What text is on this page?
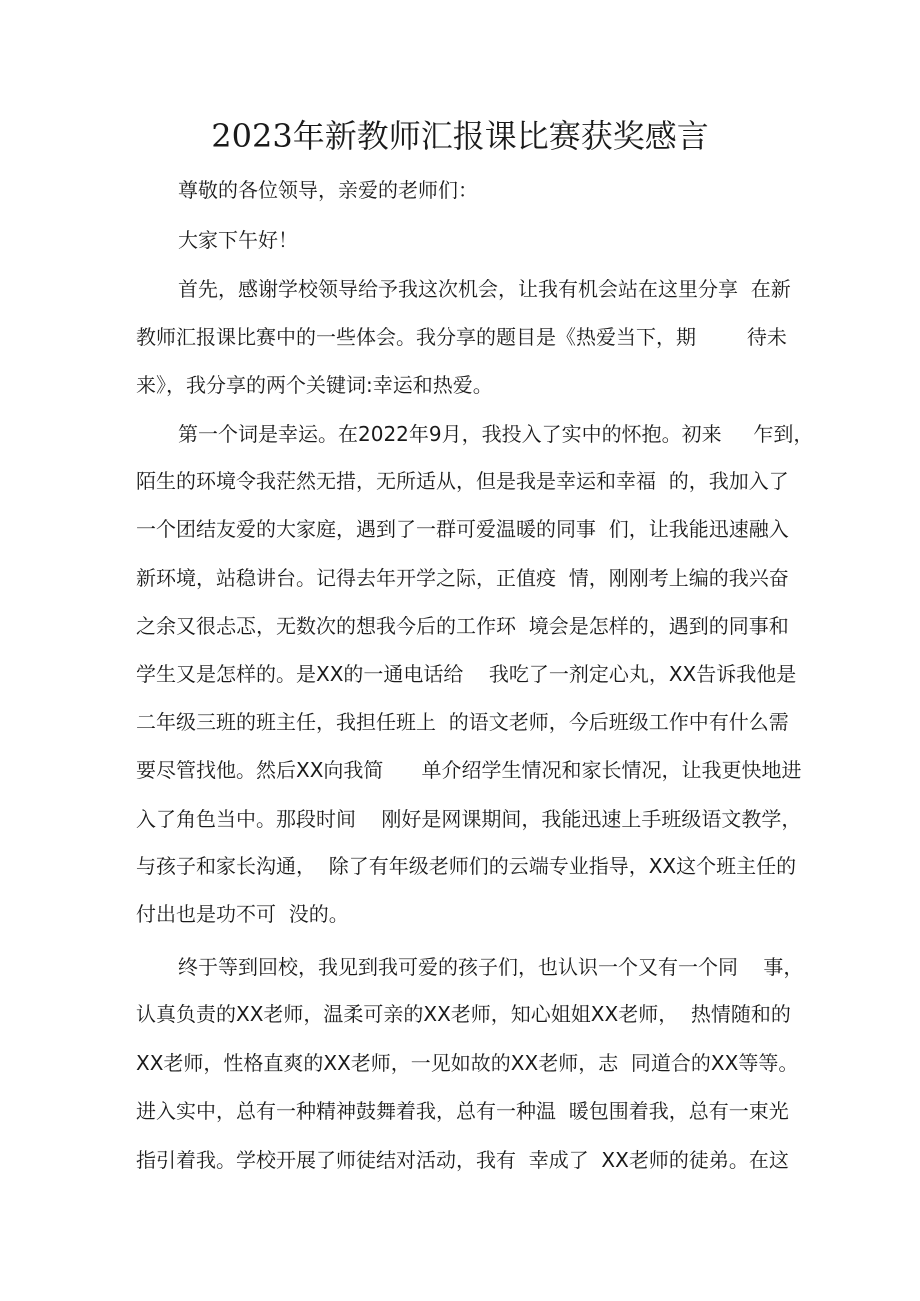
2023年新教师汇报课比赛获奖感言

尊敬的各位领导，亲爱的老师们：

大家下午好！

首先，感谢学校领导给予我这次机会，让我有机会站在这里分享  在新

教师汇报课比赛中的一些体会。我分享的题目是《热爱当下，期        待未

来》，我分享的两个关键词:幸运和热爱。

第一个词是幸运。在2022年9月，我投入了实中的怀抱。初来     乍到，

陌生的环境令我茫然无措，无所适从，但是我是幸运和幸福  的，我加入了

一个团结友爱的大家庭，遇到了一群可爱温暖的同事  们，让我能迅速融入

新环境，站稳讲台。记得去年开学之际，正值疫  情，刚刚考上编的我兴奋

之余又很忐忑，无数次的想我今后的工作环  境会是怎样的，遇到的同事和

学生又是怎样的。是XX的一通电话给    我吃了一剂定心丸，XX告诉我他是

二年级三班的班主任，我担任班上  的语文老师，今后班级工作中有什么需

要尽管找他。然后XX向我简      单介绍学生情况和家长情况，让我更快地进

入了角色当中。那段时间    刚好是网课期间，我能迅速上手班级语文教学，

与孩子和家长沟通，  除了有年级老师们的云端专业指导，XX这个班主任的

付出也是功不可  没的。

终于等到回校，我见到我可爱的孩子们，也认识一个又有一个同    事，

认真负责的XX老师，温柔可亲的XX老师，知心姐姐XX老师，  热情随和的

XX老师，性格直爽的XX老师，一见如故的XX老师，志  同道合的XX等等。

进入实中，总有一种精神鼓舞着我，总有一种温  暖包围着我，总有一束光

指引着我。学校开展了师徒结对活动，我有  幸成了  XX老师的徒弟。在这
